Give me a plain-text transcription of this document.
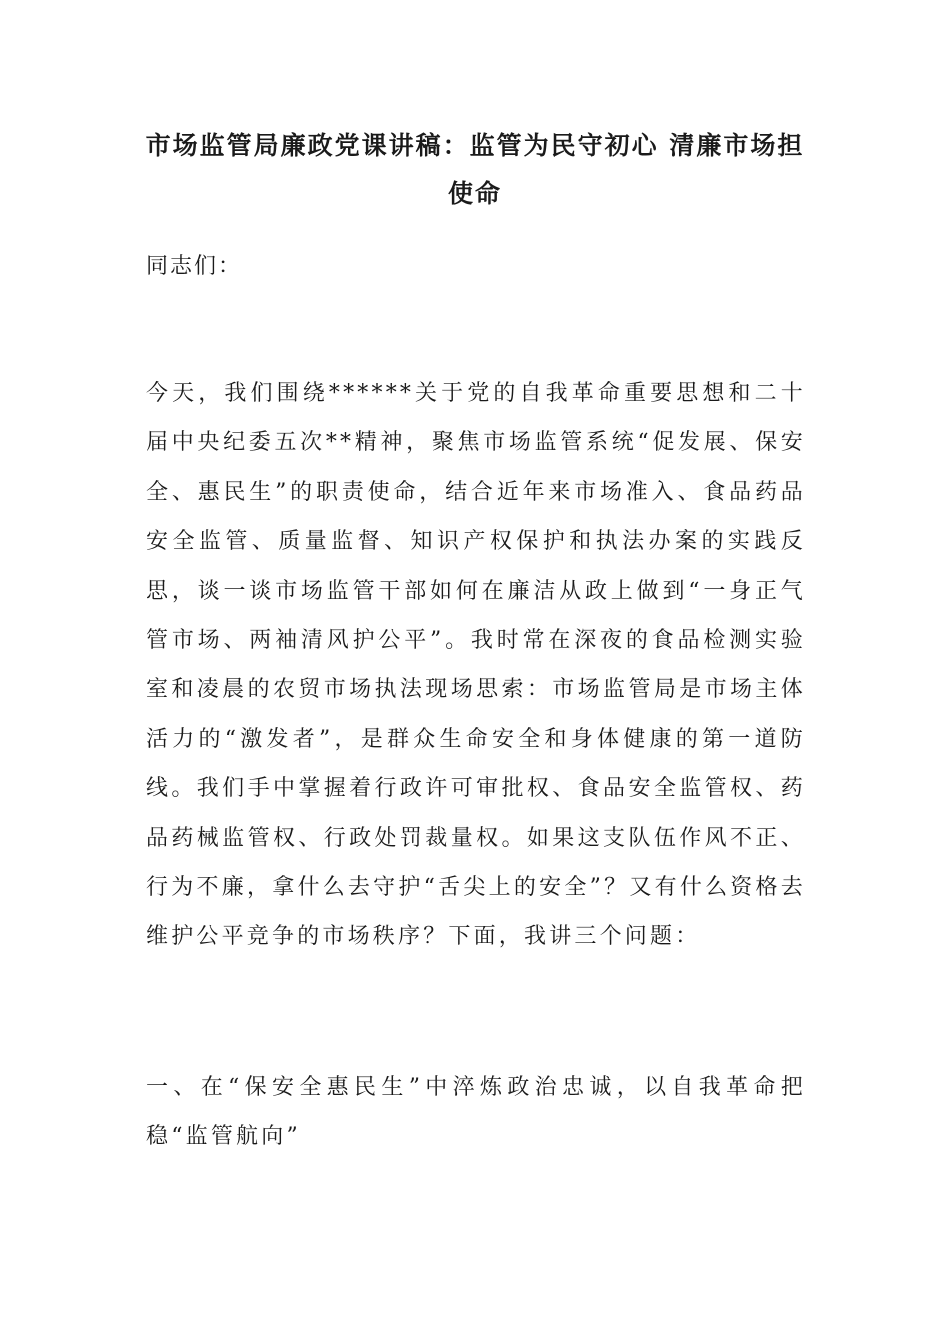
市场监管局廉政党课讲稿：监管为民守初心 清廉市场担使命

同志们：

今天，我们围绕******关于党的自我革命重要思想和二十届中央纪委五次**精神，聚焦市场监管系统“促发展、保安全、惠民生”的职责使命，结合近年来市场准入、食品药品安全监管、质量监督、知识产权保护和执法办案的实践反思，谈一谈市场监管干部如何在廉洁从政上做到“一身正气管市场、两袖清风护公平”。我时常在深夜的食品检测实验室和凌晨的农贸市场执法现场思索：市场监管局是市场主体活力的“激发者”，是群众生命安全和身体健康的第一道防线。我们手中掌握着行政许可审批权、食品安全监管权、药品药械监管权、行政处罚裁量权。如果这支队伍作风不正、行为不廉，拿什么去守护“舌尖上的安全”？又有什么资格去维护公平竞争的市场秩序？下面，我讲三个问题：

一、在“保安全惠民生”中淬炼政治忠诚，以自我革命把稳“监管航向”
